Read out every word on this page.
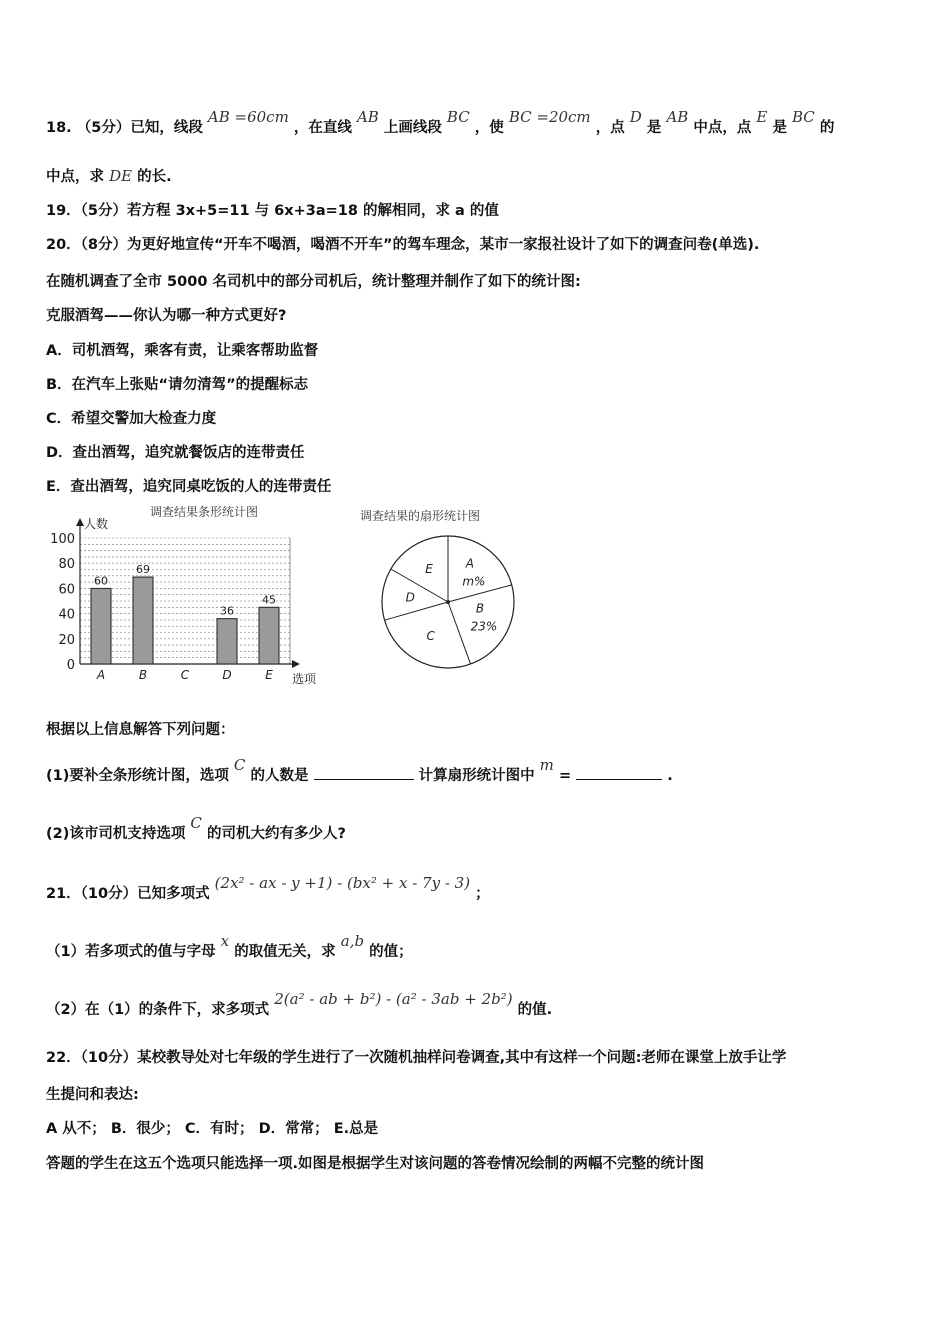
18. （5分）已知，线段 AB =60cm ，在直线 AB 上画线段 BC ，使 BC =20cm ，点 D 是 AB 中点，点 E 是 BC 的
中点，求 DE 的长.
19．（5分）若方程 3x+5=11 与 6x+3a=18 的解相同，求 a 的值
20．（8分）为更好地宣传“开车不喝酒，喝酒不开车”的驾车理念，某市一家报社设计了如下的调查问卷(单选).
在随机调查了全市 5000 名司机中的部分司机后，统计整理并制作了如下的统计图:
克服酒驾——你认为哪一种方式更好?
A．司机酒驾，乘客有责，让乘客帮助监督
B．在汽车上张贴“请勿清驾”的提醒标志
C．希望交警加大检查力度
D．查出酒驾，追究就餐饭店的连带责任
E．查出酒驾，追究同桌吃饭的人的连带责任
调查结果条形统计图
人数
选项
0
20
40
60
80
100
A
60
B
69
C	D
36
E
45
调查结果的扇形统计图
A
m%
B
23%
C
D
E
根据以上信息解答下列问题：
(1)要补全条形统计图，选项 C 的人数是	计算扇形统计图中 m =	.
(2)该市司机支持选项 C 的司机大约有多少人?
21．（10分）已知多项式 (2x² - ax - y +1) - (bx² + x - 7y - 3) ；
（1）若多项式的值与字母 x 的取值无关，求 a,b 的值；
（2）在（1）的条件下，求多项式 2(a² - ab + b²) - (a² - 3ab + 2b²) 的值.
22．（10分）某校教导处对七年级的学生进行了一次随机抽样问卷调查,其中有这样一个问题:老师在课堂上放手让学
生提问和表达:
A 从不； B．很少； C．有时； D．常常； E.总是
答题的学生在这五个选项只能选择一项.如图是根据学生对该问题的答卷情况绘制的两幅不完整的统计图
